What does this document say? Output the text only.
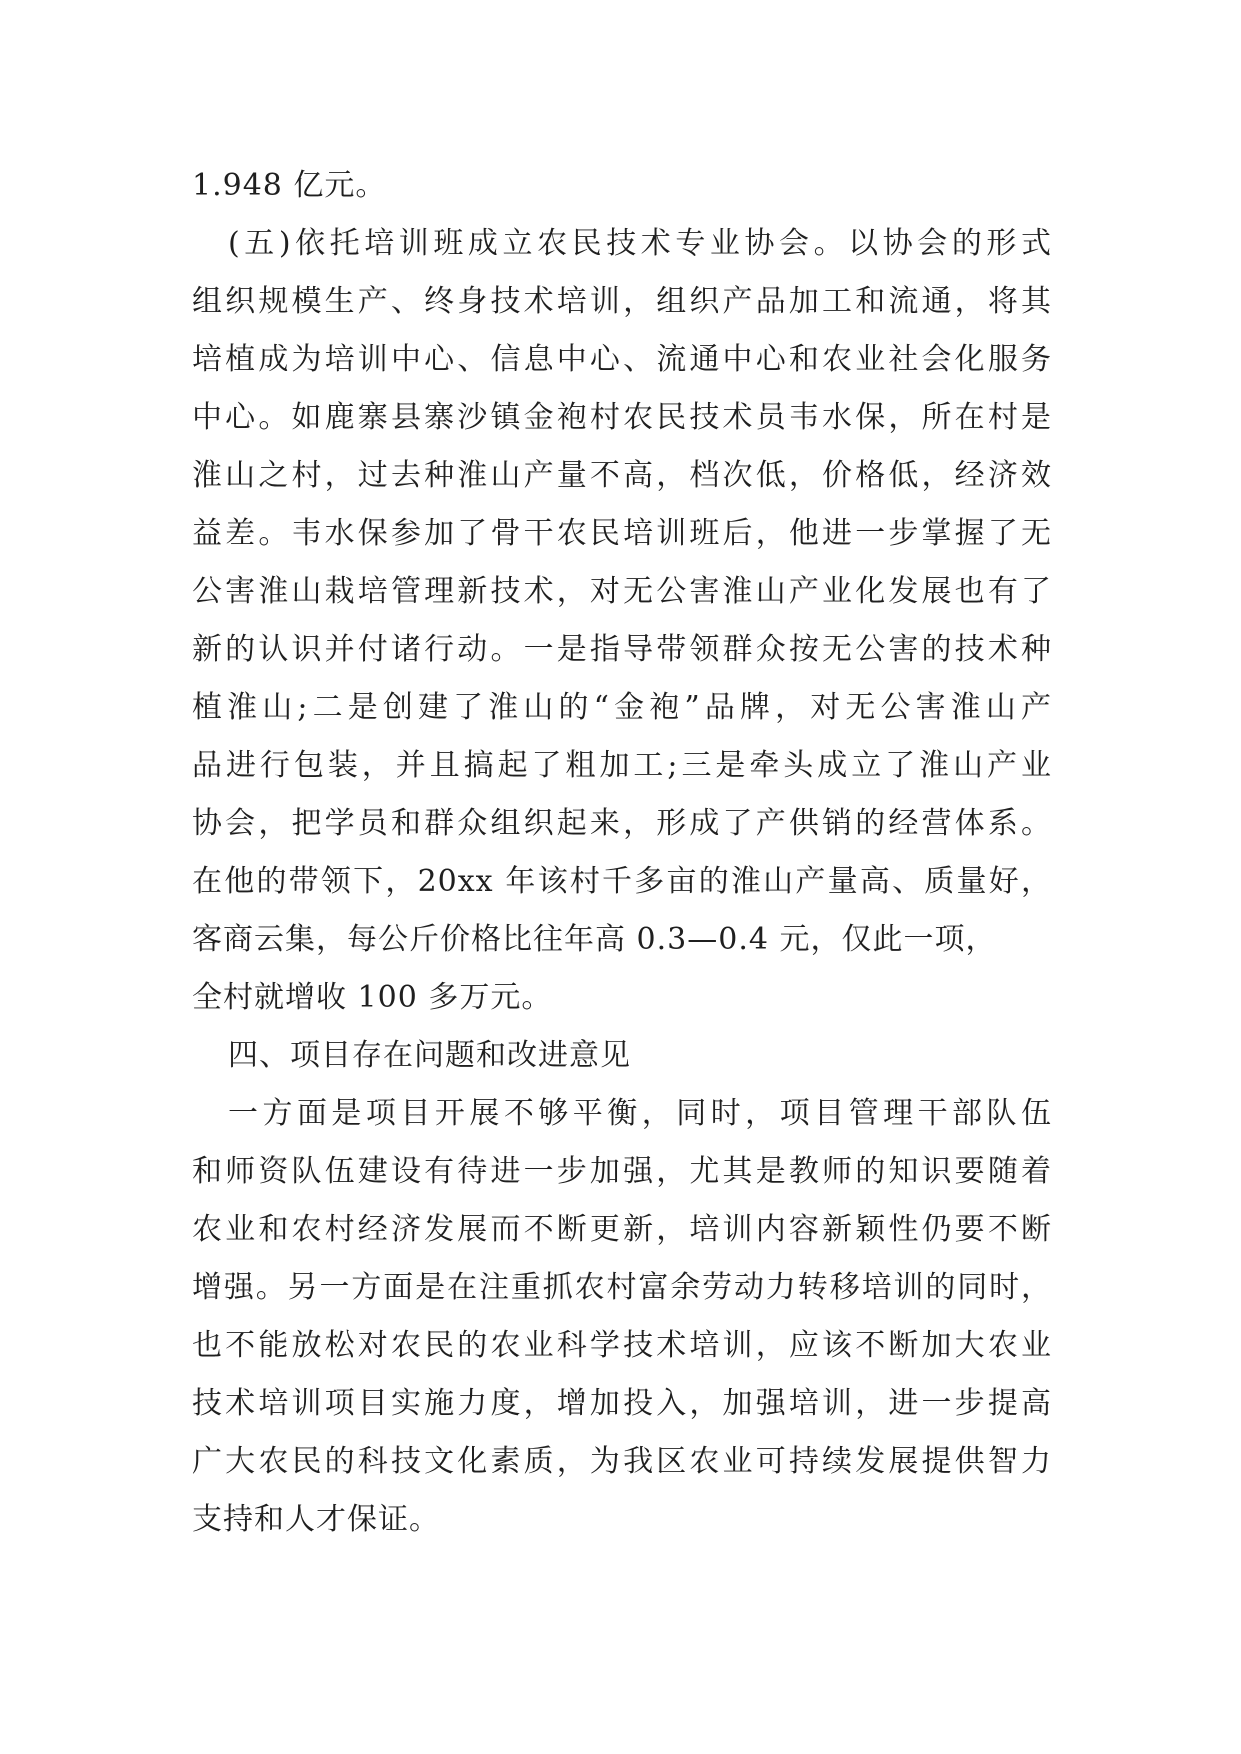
1.948 亿元。
(五)依托培训班成立农民技术专业协会。以协会的形式
组织规模生产、终身技术培训，组织产品加工和流通，将其
培植成为培训中心、信息中心、流通中心和农业社会化服务
中心。如鹿寨县寨沙镇金袍村农民技术员韦水保，所在村是
淮山之村，过去种淮山产量不高，档次低，价格低，经济效
益差。韦水保参加了骨干农民培训班后，他进一步掌握了无
公害淮山栽培管理新技术，对无公害淮山产业化发展也有了
新的认识并付诸行动。一是指导带领群众按无公害的技术种
植淮山;二是创建了淮山的“金袍”品牌，对无公害淮山产
品进行包装，并且搞起了粗加工;三是牵头成立了淮山产业
协会，把学员和群众组织起来，形成了产供销的经营体系。
在他的带领下，20xx 年该村千多亩的淮山产量高、质量好，
客商云集，每公斤价格比往年高 0.3—0.4 元，仅此一项，
全村就增收 100 多万元。
四、项目存在问题和改进意见
一方面是项目开展不够平衡，同时，项目管理干部队伍
和师资队伍建设有待进一步加强，尤其是教师的知识要随着
农业和农村经济发展而不断更新，培训内容新颖性仍要不断
增强。另一方面是在注重抓农村富余劳动力转移培训的同时，
也不能放松对农民的农业科学技术培训，应该不断加大农业
技术培训项目实施力度，增加投入，加强培训，进一步提高
广大农民的科技文化素质，为我区农业可持续发展提供智力
支持和人才保证。
